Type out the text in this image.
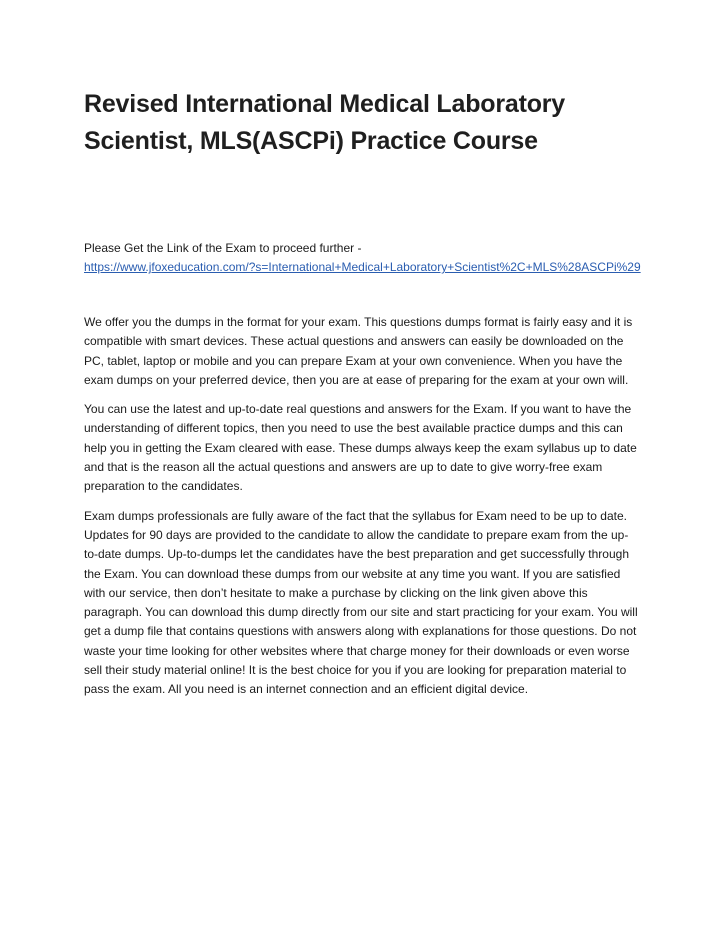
Revised International Medical Laboratory Scientist, MLS(ASCPi) Practice Course

Please Get the Link of the Exam to proceed further -
https://www.jfoxeducation.com/?s=International+Medical+Laboratory+Scientist%2C+MLS%28ASCPi%29

We offer you the dumps in the format for your exam. This questions dumps format is fairly easy and it is compatible with smart devices. These actual questions and answers can easily be downloaded on the PC, tablet, laptop or mobile and you can prepare Exam at your own convenience. When you have the exam dumps on your preferred device, then you are at ease of preparing for the exam at your own will.

You can use the latest and up-to-date real questions and answers for the Exam. If you want to have the understanding of different topics, then you need to use the best available practice dumps and this can help you in getting the Exam cleared with ease. These dumps always keep the exam syllabus up to date and that is the reason all the actual questions and answers are up to date to give worry-free exam preparation to the candidates.

Exam dumps professionals are fully aware of the fact that the syllabus for Exam need to be up to date. Updates for 90 days are provided to the candidate to allow the candidate to prepare exam from the up-to-date dumps. Up-to-dumps let the candidates have the best preparation and get successfully through the Exam. You can download these dumps from our website at any time you want. If you are satisfied with our service, then don’t hesitate to make a purchase by clicking on the link given above this paragraph. You can download this dump directly from our site and start practicing for your exam. You will get a dump file that contains questions with answers along with explanations for those questions. Do not waste your time looking for other websites where that charge money for their downloads or even worse sell their study material online! It is the best choice for you if you are looking for preparation material to pass the exam. All you need is an internet connection and an efficient digital device.
